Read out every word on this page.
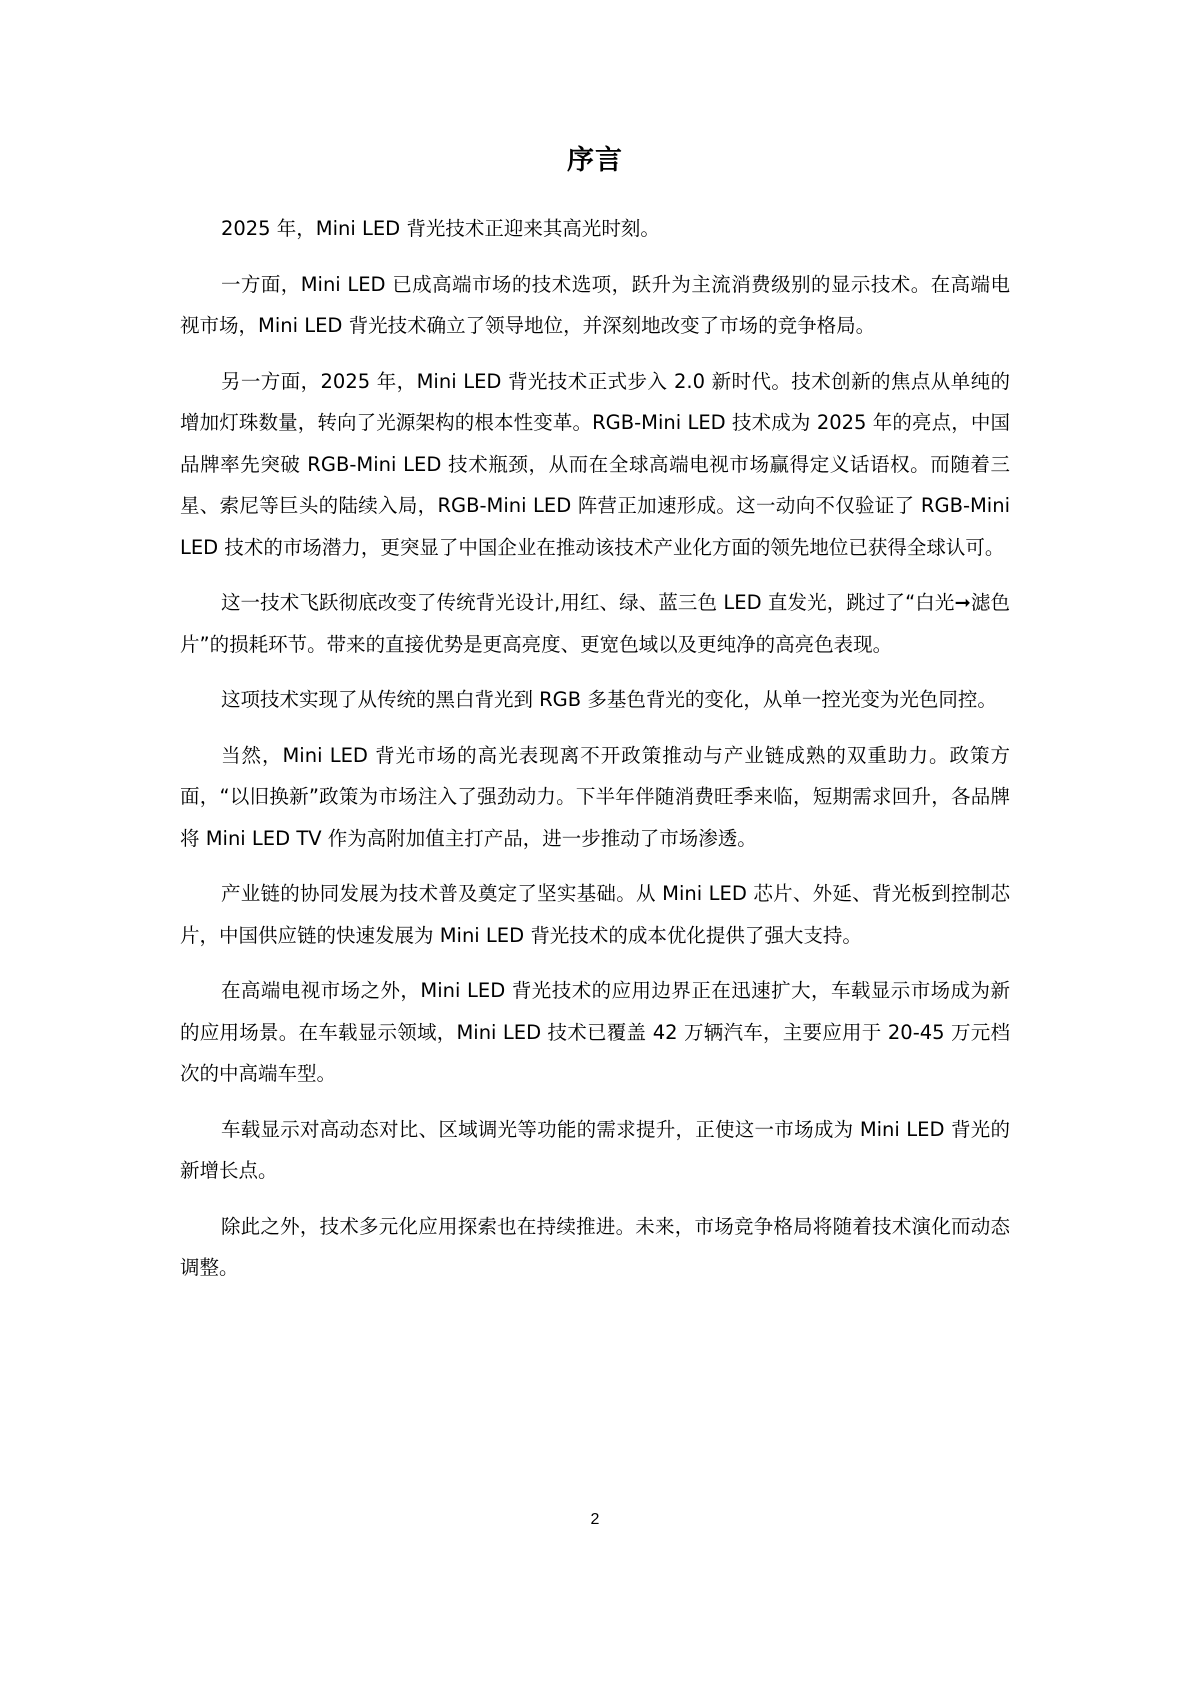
序言

2025 年，Mini LED 背光技术正迎来其高光时刻。

一方面，Mini LED 已成高端市场的技术选项，跃升为主流消费级别的显示技术。在高端电视市场，Mini LED 背光技术确立了领导地位，并深刻地改变了市场的竞争格局。

另一方面，2025 年，Mini LED 背光技术正式步入 2.0 新时代。技术创新的焦点从单纯的增加灯珠数量，转向了光源架构的根本性变革。RGB-Mini LED 技术成为 2025 年的亮点，中国品牌率先突破 RGB-Mini LED 技术瓶颈，从而在全球高端电视市场赢得定义话语权。而随着三星、索尼等巨头的陆续入局，RGB-Mini LED 阵营正加速形成。这一动向不仅验证了 RGB-Mini LED 技术的市场潜力，更突显了中国企业在推动该技术产业化方面的领先地位已获得全球认可。

这一技术飞跃彻底改变了传统背光设计,用红、绿、蓝三色 LED 直发光，跳过了“白光➞滤色片”的损耗环节。带来的直接优势是更高亮度、更宽色域以及更纯净的高亮色表现。

这项技术实现了从传统的黑白背光到 RGB 多基色背光的变化，从单一控光变为光色同控。

当然，Mini LED 背光市场的高光表现离不开政策推动与产业链成熟的双重助力。政策方面，“以旧换新”政策为市场注入了强劲动力。下半年伴随消费旺季来临，短期需求回升，各品牌将 Mini LED TV 作为高附加值主打产品，进一步推动了市场渗透。

产业链的协同发展为技术普及奠定了坚实基础。从 Mini LED 芯片、外延、背光板到控制芯片，中国供应链的快速发展为 Mini LED 背光技术的成本优化提供了强大支持。

在高端电视市场之外，Mini LED 背光技术的应用边界正在迅速扩大，车载显示市场成为新的应用场景。在车载显示领域，Mini LED 技术已覆盖 42 万辆汽车，主要应用于 20-45 万元档次的中高端车型。

车载显示对高动态对比、区域调光等功能的需求提升，正使这一市场成为 Mini LED 背光的新增长点。

除此之外，技术多元化应用探索也在持续推进。未来，市场竞争格局将随着技术演化而动态调整。

2
